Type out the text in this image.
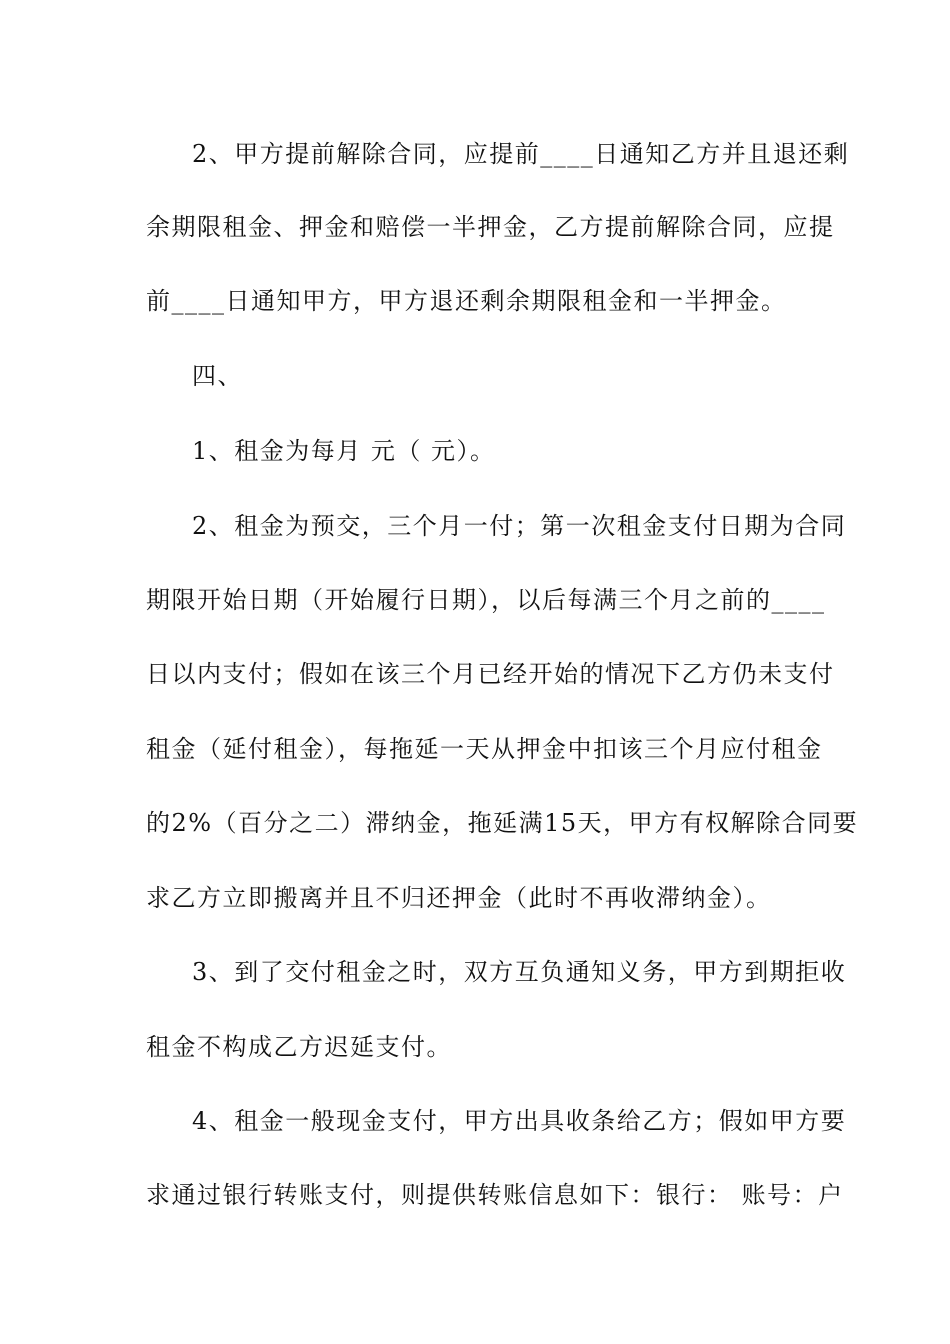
2、甲方提前解除合同，应提前____日通知乙方并且退还剩
余期限租金、押金和赔偿一半押金，乙方提前解除合同，应提
前____日通知甲方，甲方退还剩余期限租金和一半押金。
四、
1、租金为每月 元（ 元）。
2、租金为预交，三个月一付；第一次租金支付日期为合同
期限开始日期（开始履行日期），以后每满三个月之前的____
日以内支付；假如在该三个月已经开始的情况下乙方仍未支付
租金（延付租金），每拖延一天从押金中扣该三个月应付租金
的2%（百分之二）滞纳金，拖延满15天，甲方有权解除合同要
求乙方立即搬离并且不归还押金（此时不再收滞纳金）。
3、到了交付租金之时，双方互负通知义务，甲方到期拒收
租金不构成乙方迟延支付。
4、租金一般现金支付，甲方出具收条给乙方；假如甲方要
求通过银行转账支付，则提供转账信息如下：银行： 账号：户
